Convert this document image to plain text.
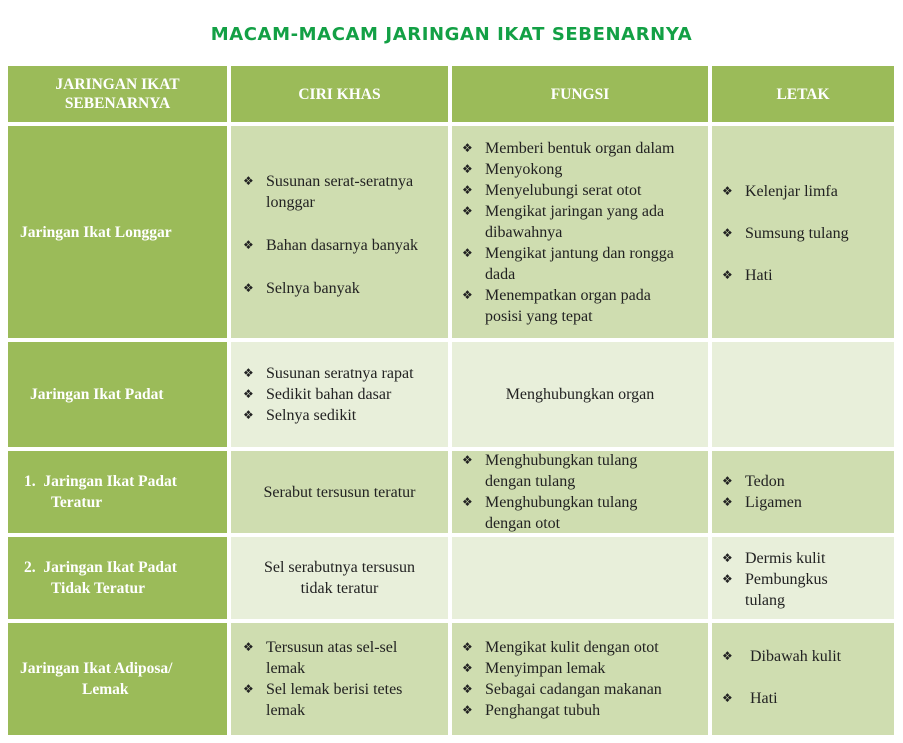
MACAM-MACAM JARINGAN IKAT SEBENARNYA
JARINGAN IKAT
SEBENARNYA
CIRI KHAS	FUNGSI	LETAK
Jaringan Ikat Longgar
❖ Susunan serat-seratnya longgar
❖ Bahan dasarnya banyak
❖ Selnya banyak
❖ Memberi bentuk organ dalam
❖ Menyokong
❖ Menyelubungi serat otot
❖ Mengikat jaringan yang ada dibawahnya
❖ Mengikat jantung dan rongga dada
❖ Menempatkan organ pada posisi yang tepat
❖ Kelenjar limfa
❖ Sumsung tulang
❖ Hati
Jaringan Ikat Padat
❖ Susunan seratnya rapat
❖ Sedikit bahan dasar
❖ Selnya sedikit
Menghubungkan organ
1.  Jaringan Ikat Padat
Teratur
Serabut tersusun teratur
❖ Menghubungkan tulang dengan tulang
❖ Menghubungkan tulang dengan otot
❖ Tedon
❖ Ligamen
2.  Jaringan Ikat Padat
Tidak Teratur
Sel serabutnya tersusun
tidak teratur
❖ Dermis kulit
❖ Pembungkus tulang
Jaringan Ikat Adiposa/
Lemak
❖ Tersusun atas sel-sel lemak
❖ Sel lemak berisi tetes lemak
❖ Mengikat kulit dengan otot
❖ Menyimpan lemak
❖ Sebagai cadangan makanan
❖ Penghangat tubuh
❖ Dibawah kulit
❖ Hati
